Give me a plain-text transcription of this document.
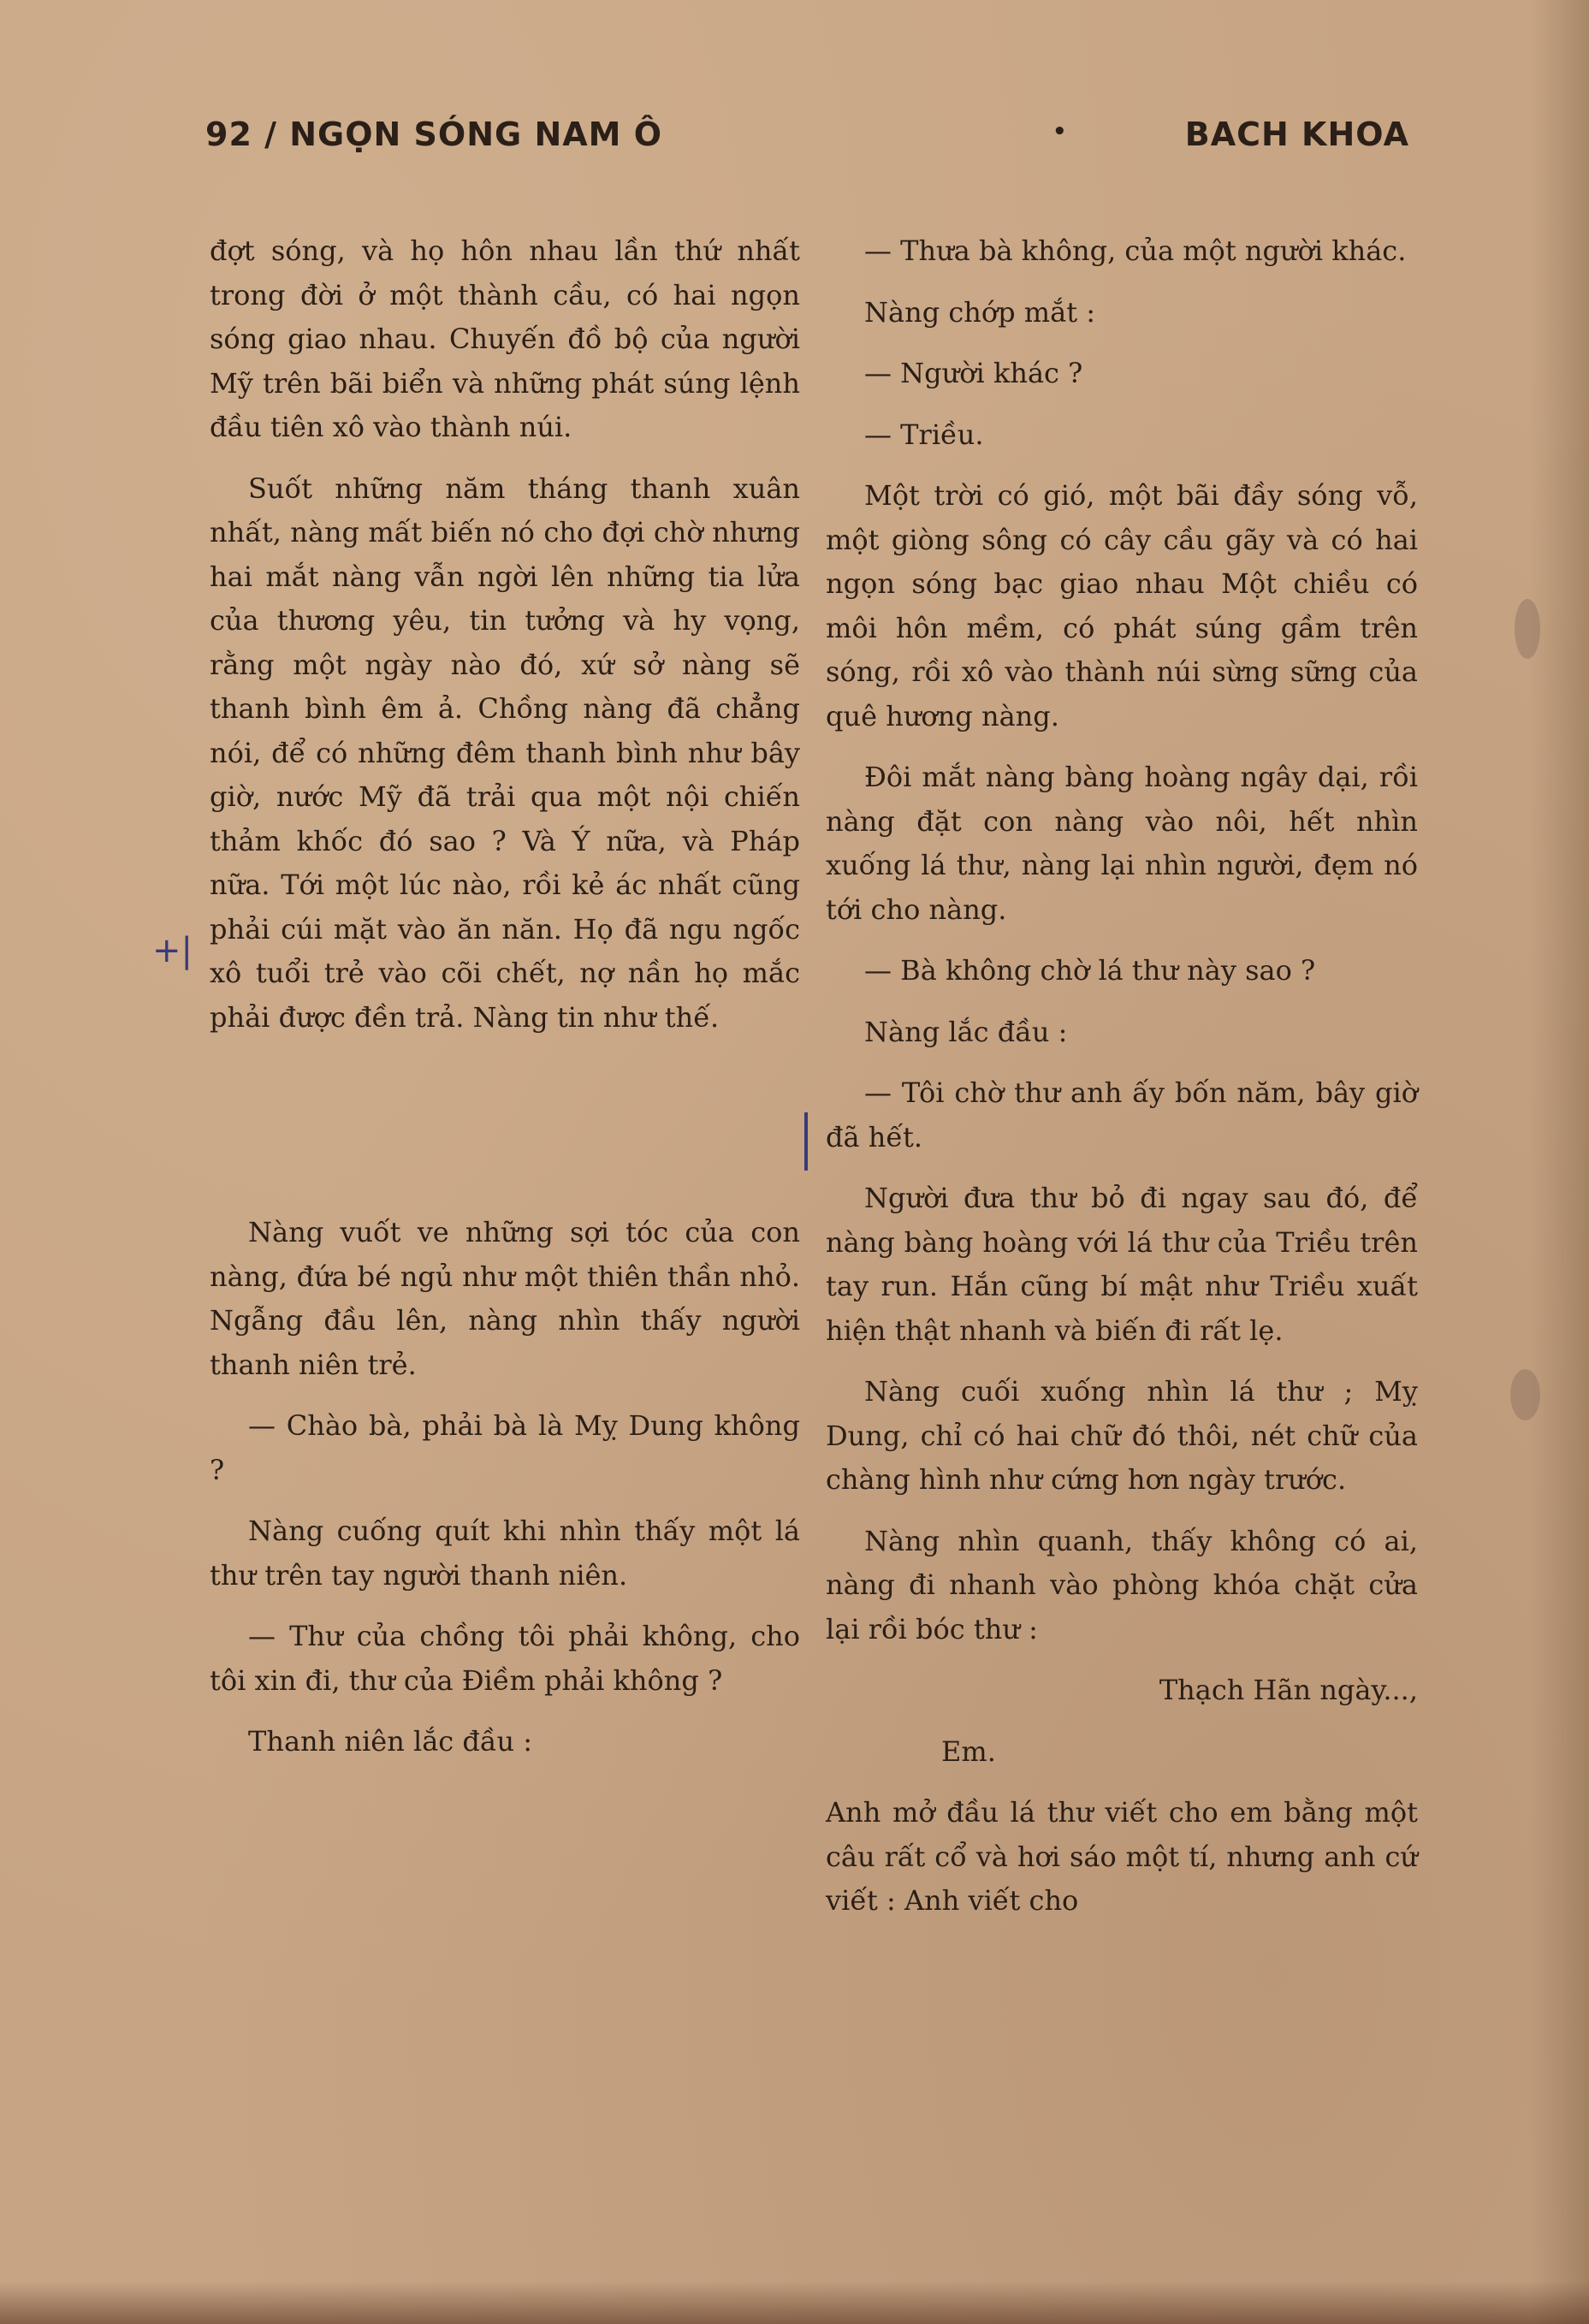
92 / NGỌN SÓNG NAM Ô	•	BACH KHOA
+|

đợt sóng, và họ hôn nhau lần thứ nhất trong đời ở một thành cầu, có hai ngọn sóng giao nhau. Chuyến đồ bộ của người Mỹ trên bãi biển và những phát súng lệnh đầu tiên xô vào thành núi.

Suốt những năm tháng thanh xuân nhất, nàng mất biến nó cho đợi chờ nhưng hai mắt nàng vẫn ngời lên những tia lửa của thương yêu, tin tưởng và hy vọng, rằng một ngày nào đó, xứ sở nàng sẽ thanh bình êm ả. Chồng nàng đã chẳng nói, để có những đêm thanh bình như bây giờ, nước Mỹ đã trải qua một nội chiến thảm khốc đó sao ? Và Ý nữa, và Pháp nữa. Tới một lúc nào, rồi kẻ ác nhất cũng phải cúi mặt vào ăn năn. Họ đã ngu ngốc xô tuổi trẻ vào cõi chết, nợ nần họ mắc phải được đền trả. Nàng tin như thế.

Nàng vuốt ve những sợi tóc của con nàng, đứa bé ngủ như một thiên thần nhỏ. Ngẫng đầu lên, nàng nhìn thấy người thanh niên trẻ.

— Chào bà, phải bà là Mỵ Dung không ?

Nàng cuống quít khi nhìn thấy một lá thư trên tay người thanh niên.

— Thư của chồng tôi phải không, cho tôi xin đi, thư của Điềm phải không ?

Thanh niên lắc đầu :

— Thưa bà không, của một người khác.

Nàng chớp mắt :

— Người khác ?

— Triều.

Một trời có gió, một bãi đầy sóng vỗ, một giòng sông có cây cầu gãy và có hai ngọn sóng bạc giao nhau Một chiều có môi hôn mềm, có phát súng gầm trên sóng, rồi xô vào thành núi sừng sững của quê hương nàng.

Đôi mắt nàng bàng hoàng ngây dại, rồi nàng đặt con nàng vào nôi, hết nhìn xuống lá thư, nàng lại nhìn người, đẹm nó tới cho nàng.

— Bà không chờ lá thư này sao ?

Nàng lắc đầu :

— Tôi chờ thư anh ấy bốn năm, bây giờ đã hết.

Người đưa thư bỏ đi ngay sau đó, để nàng bàng hoàng với lá thư của Triều trên tay run. Hắn cũng bí mật như Triều xuất hiện thật nhanh và biến đi rất lẹ.

Nàng cuối xuống nhìn lá thư ; Mỵ Dung, chỉ có hai chữ đó thôi, nét chữ của chàng hình như cứng hơn ngày trước.

Nàng nhìn quanh, thấy không có ai, nàng đi nhanh vào phòng khóa chặt cửa lại rồi bóc thư :

Thạch Hãn ngày...,

Em.

Anh mở đầu lá thư viết cho em bằng một câu rất cổ và hơi sáo một tí, nhưng anh cứ viết : Anh viết cho
